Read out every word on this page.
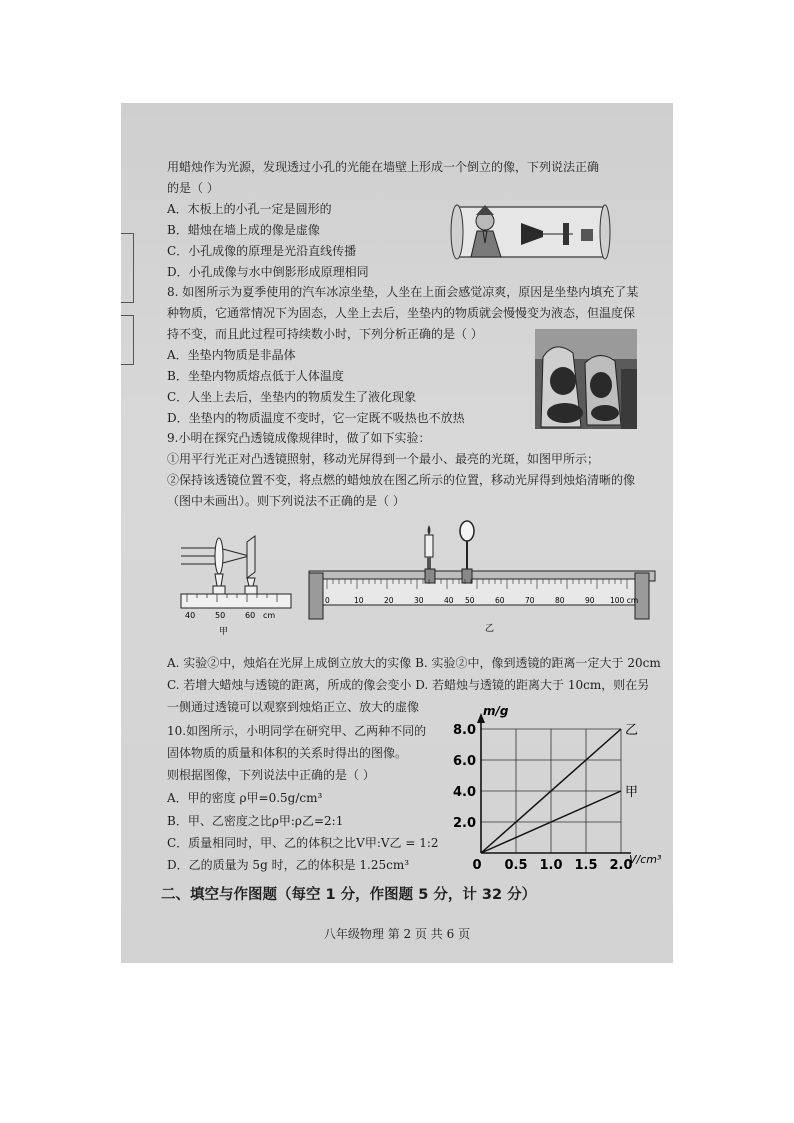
用蜡烛作为光源，发现透过小孔的光能在墙壁上形成一个倒立的像，下列说法正确
的是（ ）
A．木板上的小孔一定是圆形的
B．蜡烛在墙上成的像是虚像
C．小孔成像的原理是光沿直线传播
D．小孔成像与水中倒影形成原理相同
8. 如图所示为夏季使用的汽车冰凉坐垫，人坐在上面会感觉凉爽，原因是坐垫内填充了某
种物质，它通常情况下为固态，人坐上去后，坐垫内的物质就会慢慢变为液态，但温度保
持不变，而且此过程可持续数小时，下列分析正确的是（ ）
A．坐垫内物质是非晶体
B．坐垫内物质熔点低于人体温度
C．人坐上去后，坐垫内的物质发生了液化现象
D．坐垫内的物质温度不变时，它一定既不吸热也不放热
9.小明在探究凸透镜成像规律时，做了如下实验：
①用平行光正对凸透镜照射，移动光屏得到一个最小、最亮的光斑，如图甲所示；
②保持该透镜位置不变，将点燃的蜡烛放在图乙所示的位置，移动光屏得到烛焰清晰的像
（图中未画出）。则下列说法不正确的是（ ）
40 50 60 cm
甲
0	10	20	30	40 50	60	70	80	90 100 cm
乙
A. 实验②中，烛焰在光屏上成倒立放大的实像 B. 实验②中，像到透镜的距离一定大于 20cm
C. 若增大蜡烛与透镜的距离，所成的像会变小 D. 若蜡烛与透镜的距离大于 10cm，则在另
一侧通过透镜可以观察到烛焰正立、放大的虚像
10.如图所示，小明同学在研究甲、乙两种不同的
固体物质的质量和体积的关系时得出的图像。
则根据图像，下列说法中正确的是（ ）
A．甲的密度 ρ甲=0.5g/cm³
B．甲、乙密度之比ρ甲:ρ乙=2:1
C．质量相同时，甲、乙的体积之比V甲:V乙 = 1:2
D．乙的质量为 5g 时，乙的体积是 1.25cm³
m/g
V/cm³
2.0
4.0
6.0
8.0
0 0.5 1.0 1.5 2.0
乙
甲
二、填空与作图题（每空 1 分，作图题 5 分，计 32 分）
八年级物理 第 2 页 共 6 页
